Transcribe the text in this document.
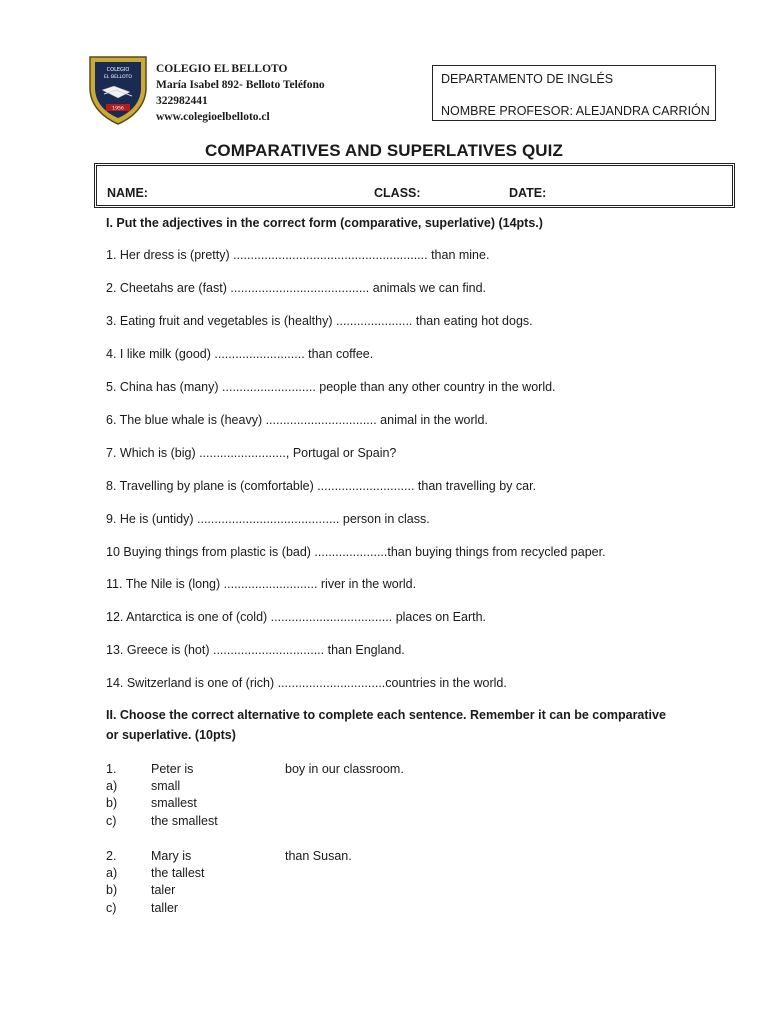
COLEGIO
EL BELLOTO
1956
COLEGIO EL BELLOTO
María Isabel 892- Belloto Teléfono
322982441
www.colegioelbelloto.cl
DEPARTAMENTO DE INGLÉS
NOMBRE PROFESOR: ALEJANDRA CARRIÓN
COMPARATIVES AND SUPERLATIVES QUIZ
NAME:	CLASS:	DATE:
I. Put the adjectives in the correct form (comparative, superlative) (14pts.)
1. Her dress is (pretty) ........................................................ than mine.
2. Cheetahs are (fast) ........................................ animals we can find.
3. Eating fruit and vegetables is (healthy) ...................... than eating hot dogs.
4. I like milk (good) .......................... than coffee.
5. China has (many) ........................... people than any other country in the world.
6. The blue whale is (heavy) ................................ animal in the world.
7. Which is (big) ........................., Portugal or Spain?
8. Travelling by plane is (comfortable) ............................ than travelling by car.
9. He is (untidy) ......................................... person in class.
10 Buying things from plastic is (bad) .....................than buying things from recycled paper.
11. The Nile is (long) ........................... river in the world.
12. Antarctica is one of (cold) ................................... places on Earth.
13. Greece is (hot) ................................ than England.
14. Switzerland is one of (rich) ...............................countries in the world.
II. Choose the correct alternative to complete each sentence. Remember it can be comparative
or superlative. (10pts)
1.	Peter is	boy in our classroom.
a)	small
b)	smallest
c)	the smallest
2.	Mary is	than Susan.
a)	the tallest
b)	taler
c)	taller
